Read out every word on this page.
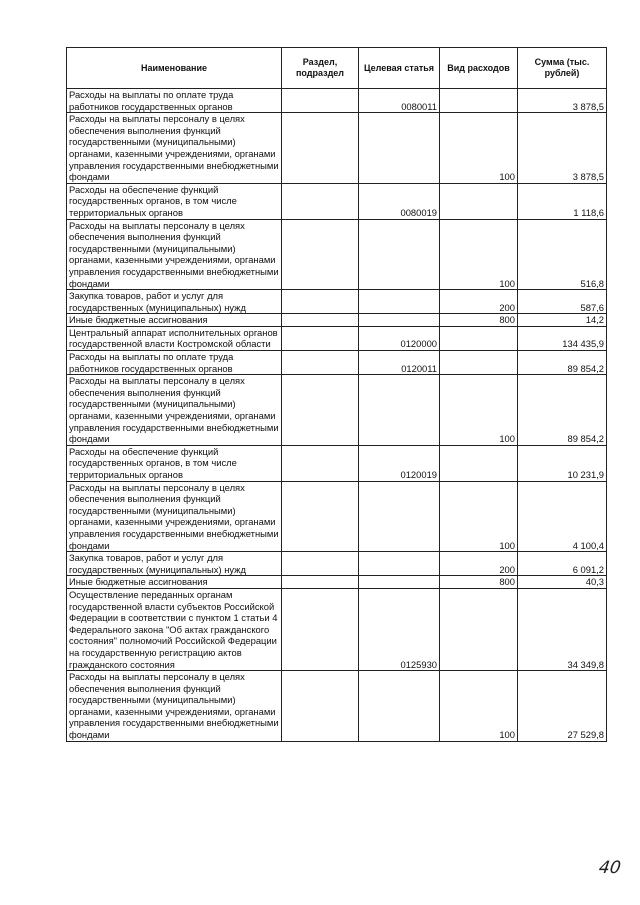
Наименование	Раздел, подраздел	Целевая статья	Вид расходов	Сумма (тыс. рублей)
Расходы на выплаты по оплате труда работников государственных органов		0080011		3 878,5
Расходы на выплаты персоналу в целях обеспечения выполнения функций государственными (муниципальными) органами, казенными учреждениями, органами управления государственными внебюджетными фондами			100	3 878,5
Расходы на обеспечение функций государственных органов, в том числе территориальных органов		0080019		1 118,6
Расходы на выплаты персоналу в целях обеспечения выполнения функций государственными (муниципальными) органами, казенными учреждениями, органами управления государственными внебюджетными фондами			100	516,8
Закупка товаров, работ и услуг для государственных (муниципальных) нужд			200	587,6
Иные бюджетные ассигнования			800	14,2
Центральный аппарат исполнительных органов государственной власти Костромской области		0120000		134 435,9
Расходы на выплаты по оплате труда работников государственных органов		0120011		89 854,2
Расходы на выплаты персоналу в целях обеспечения выполнения функций государственными (муниципальными) органами, казенными учреждениями, органами управления государственными внебюджетными фондами			100	89 854,2
Расходы на обеспечение функций государственных органов, в том числе территориальных органов		0120019		10 231,9
Расходы на выплаты персоналу в целях обеспечения выполнения функций государственными (муниципальными) органами, казенными учреждениями, органами управления государственными внебюджетными фондами			100	4 100,4
Закупка товаров, работ и услуг для государственных (муниципальных) нужд			200	6 091,2
Иные бюджетные ассигнования			800	40,3
Осуществление переданных органам государственной власти субъектов Российской Федерации в соответствии с пунктом 1 статьи 4 Федерального закона "Об актах гражданского состояния" полномочий Российской Федерации на государственную регистрацию актов гражданского состояния		0125930		34 349,8
Расходы на выплаты персоналу в целях обеспечения выполнения функций государственными (муниципальными) органами, казенными учреждениями, органами управления государственными внебюджетными фондами			100	27 529,8
40
